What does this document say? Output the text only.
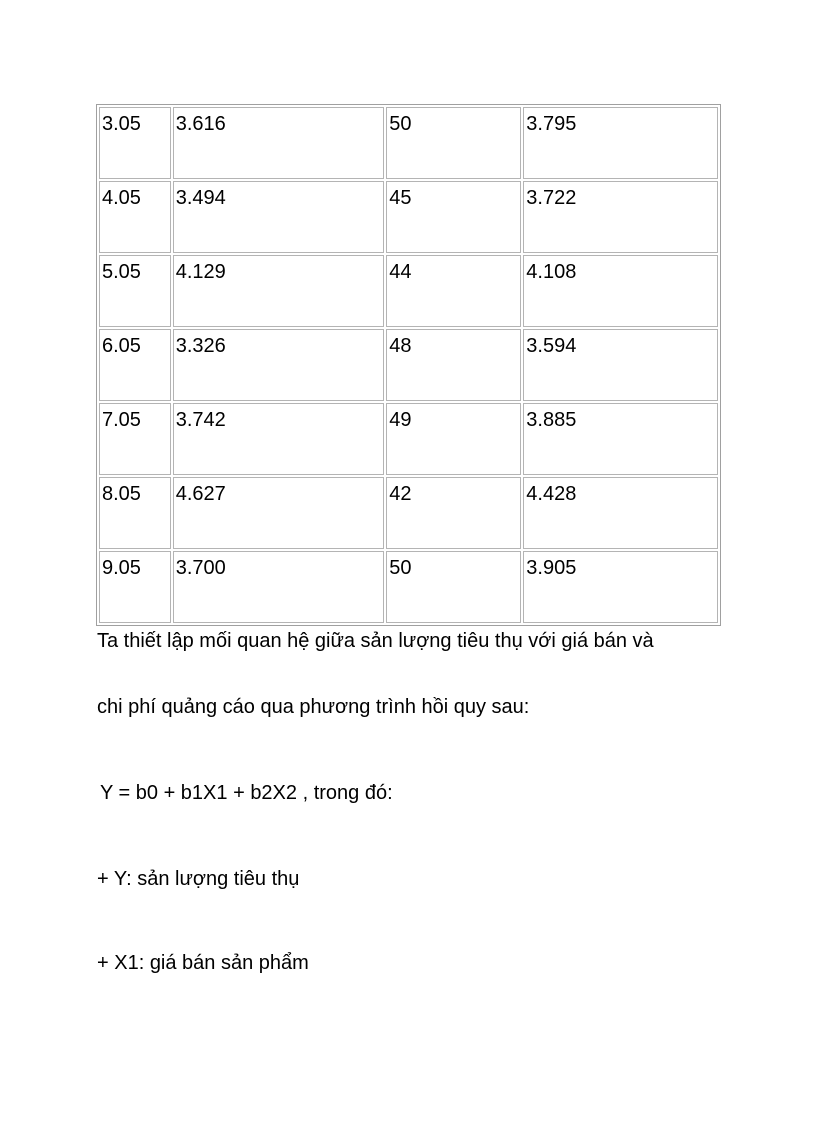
3.05	3.616	50	3.795
4.05	3.494	45	3.722
5.05	4.129	44	4.108
6.05	3.326	48	3.594
7.05	3.742	49	3.885
8.05	4.627	42	4.428
9.05	3.700	50	3.905
Ta thiết lập mối quan hệ giữa sản lượng tiêu thụ với giá bán và
chi phí quảng cáo qua phương trình hồi quy sau:
Y = b0 + b1X1 + b2X2 , trong đó:
+ Y: sản lượng tiêu thụ
+ X1: giá bán sản phẩm
